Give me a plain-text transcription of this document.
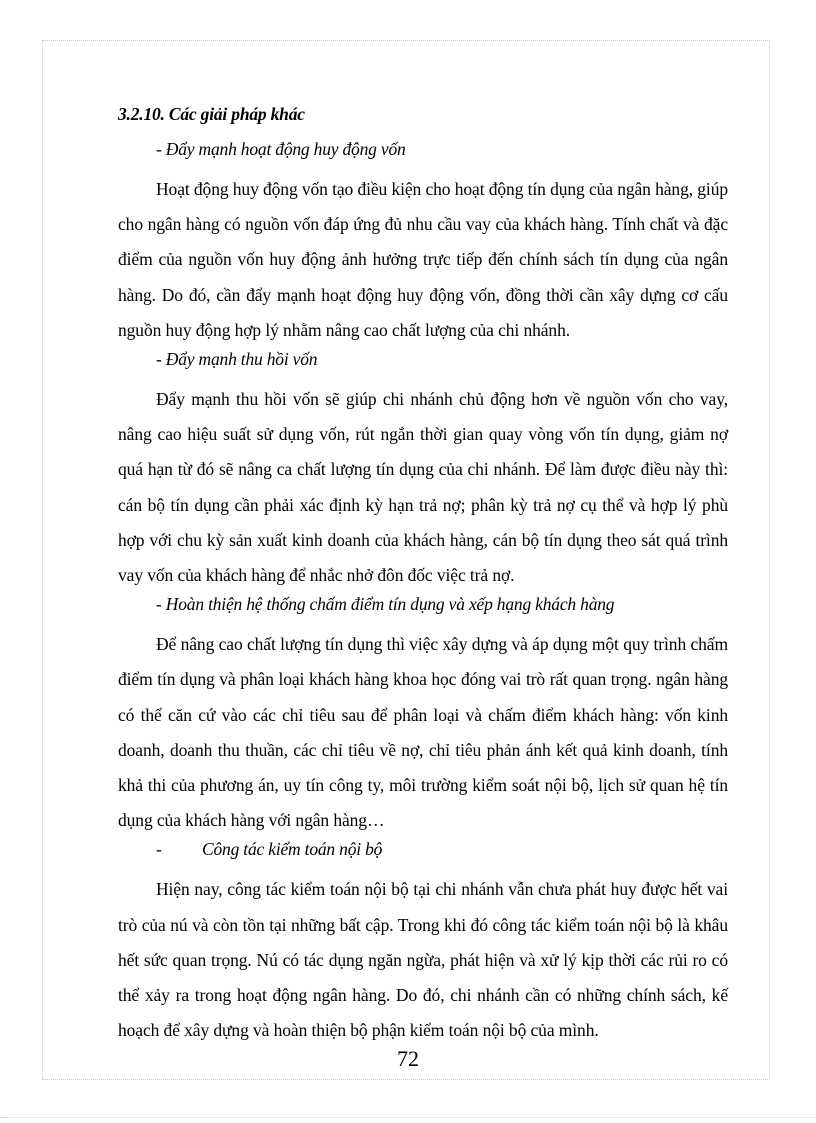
3.2.10. Các giải pháp khác
- Đẩy mạnh hoạt động huy động vốn
Hoạt động huy động vốn tạo điều kiện cho hoạt động tín dụng của ngân hàng, giúp cho ngân hàng có nguồn vốn đáp ứng đủ nhu cầu vay của khách hàng. Tính chất và đặc điểm của nguồn vốn huy động ảnh hưởng trực tiếp đến chính sách tín dụng của ngân hàng. Do đó, cần đẩy mạnh hoạt động huy động vốn, đồng thời cần xây dựng cơ cấu nguồn huy động hợp lý nhằm nâng cao chất lượng của chi nhánh.
- Đẩy mạnh thu hồi vốn
Đẩy mạnh thu hồi vốn sẽ giúp chi nhánh chủ động hơn về nguồn vốn cho vay, nâng cao hiệu suất sử dụng vốn, rút ngắn thời gian quay vòng vốn tín dụng, giảm nợ quá hạn từ đó sẽ nâng ca chất lượng tín dụng của chi nhánh. Để làm được điều này thì: cán bộ tín dụng cần phải xác định kỳ hạn trả nợ; phân kỳ trả nợ cụ thể và hợp lý phù hợp với chu kỳ sản xuất kinh doanh của khách hàng, cán bộ tín dụng theo sát quá trình vay vốn của khách hàng để nhắc nhở đôn đốc việc trả nợ.
- Hoàn thiện hệ thống chấm điểm tín dụng và xếp hạng khách hàng
Để nâng cao chất lượng tín dụng thì việc xây dựng và áp dụng một quy trình chấm điểm tín dụng và phân loại khách hàng khoa học đóng vai trò rất quan trọng. ngân hàng có thể căn cứ vào các chỉ tiêu sau để phân loại và chấm điểm khách hàng: vốn kinh doanh, doanh thu thuần, các chỉ tiêu về nợ, chỉ tiêu phản ánh kết quả kinh doanh, tính khả thi của phương án, uy tín công ty, môi trường kiểm soát nội bộ, lịch sử quan hệ tín dụng của khách hàng với ngân hàng…
- Công tác kiểm toán nội bộ
Hiện nay, công tác kiểm toán nội bộ tại chi nhánh vẫn chưa phát huy được hết vai trò của nú và còn tồn tại những bất cập. Trong khi đó công tác kiểm toán nội bộ là khâu hết sức quan trọng. Nú có tác dụng ngăn ngừa, phát hiện và xử lý kịp thời các rủi ro có thể xảy ra trong hoạt động ngân hàng. Do đó, chi nhánh cần có những chính sách, kế hoạch để xây dựng và hoàn thiện bộ phận kiểm toán nội bộ của mình.
72
